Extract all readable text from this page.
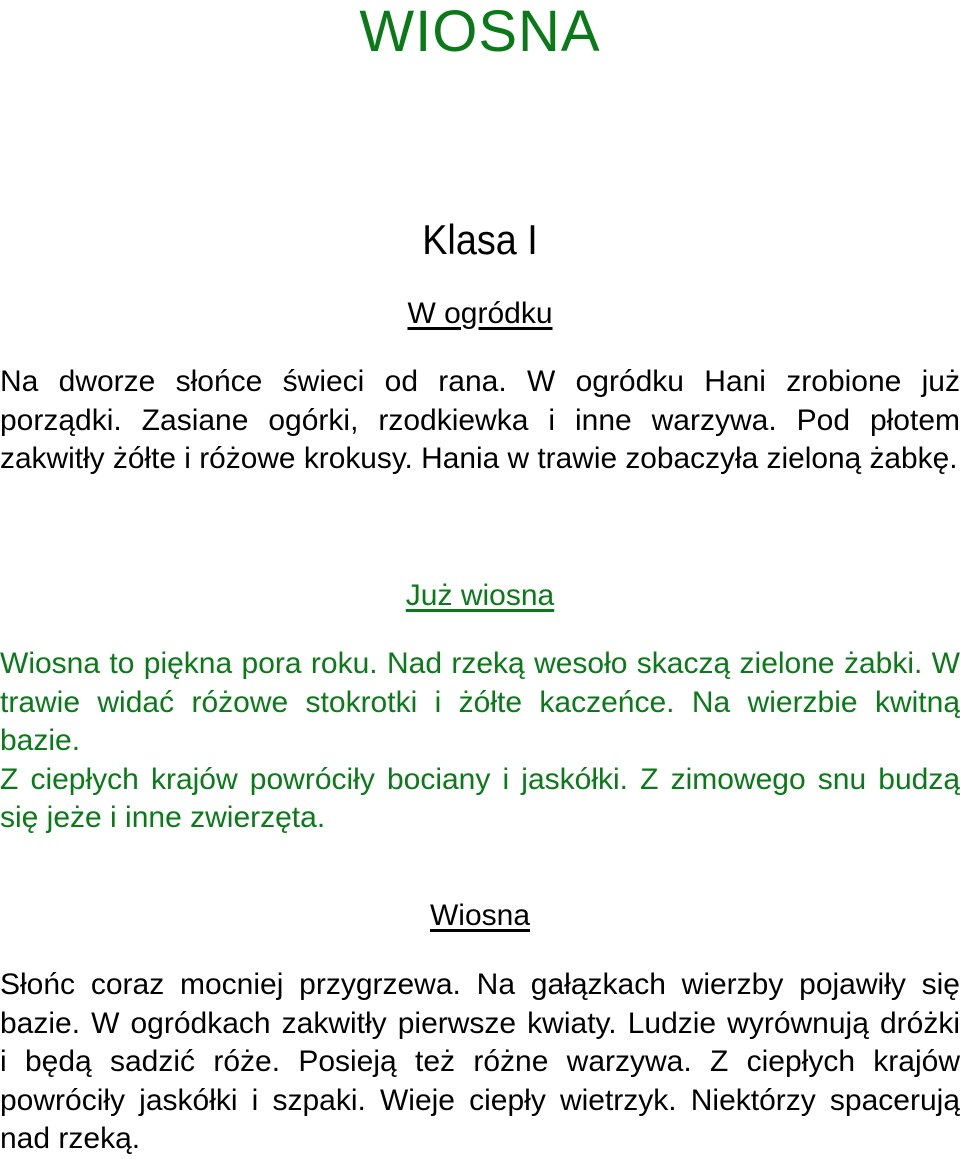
WIOSNA
Klasa I
W ogródku
Na dworze słońce świeci od rana. W ogródku Hani zrobione już
porządki. Zasiane ogórki, rzodkiewka i inne warzywa. Pod płotem
zakwitły żółte i różowe krokusy. Hania w trawie zobaczyła zieloną żabkę.
Już wiosna
Wiosna to piękna pora roku. Nad rzeką wesoło skaczą zielone żabki. W
trawie widać różowe stokrotki i żółte kaczeńce. Na wierzbie kwitną bazie.
Z ciepłych krajów powróciły bociany i jaskółki. Z zimowego snu budzą
się jeże i inne zwierzęta.
Wiosna
Słońc coraz mocniej przygrzewa. Na gałązkach wierzby pojawiły się
bazie. W ogródkach zakwitły pierwsze kwiaty. Ludzie wyrównują dróżki
i będą sadzić róże. Posieją też różne warzywa. Z ciepłych krajów
powróciły jaskółki i szpaki. Wieje ciepły wietrzyk. Niektórzy spacerują
nad rzeką.
